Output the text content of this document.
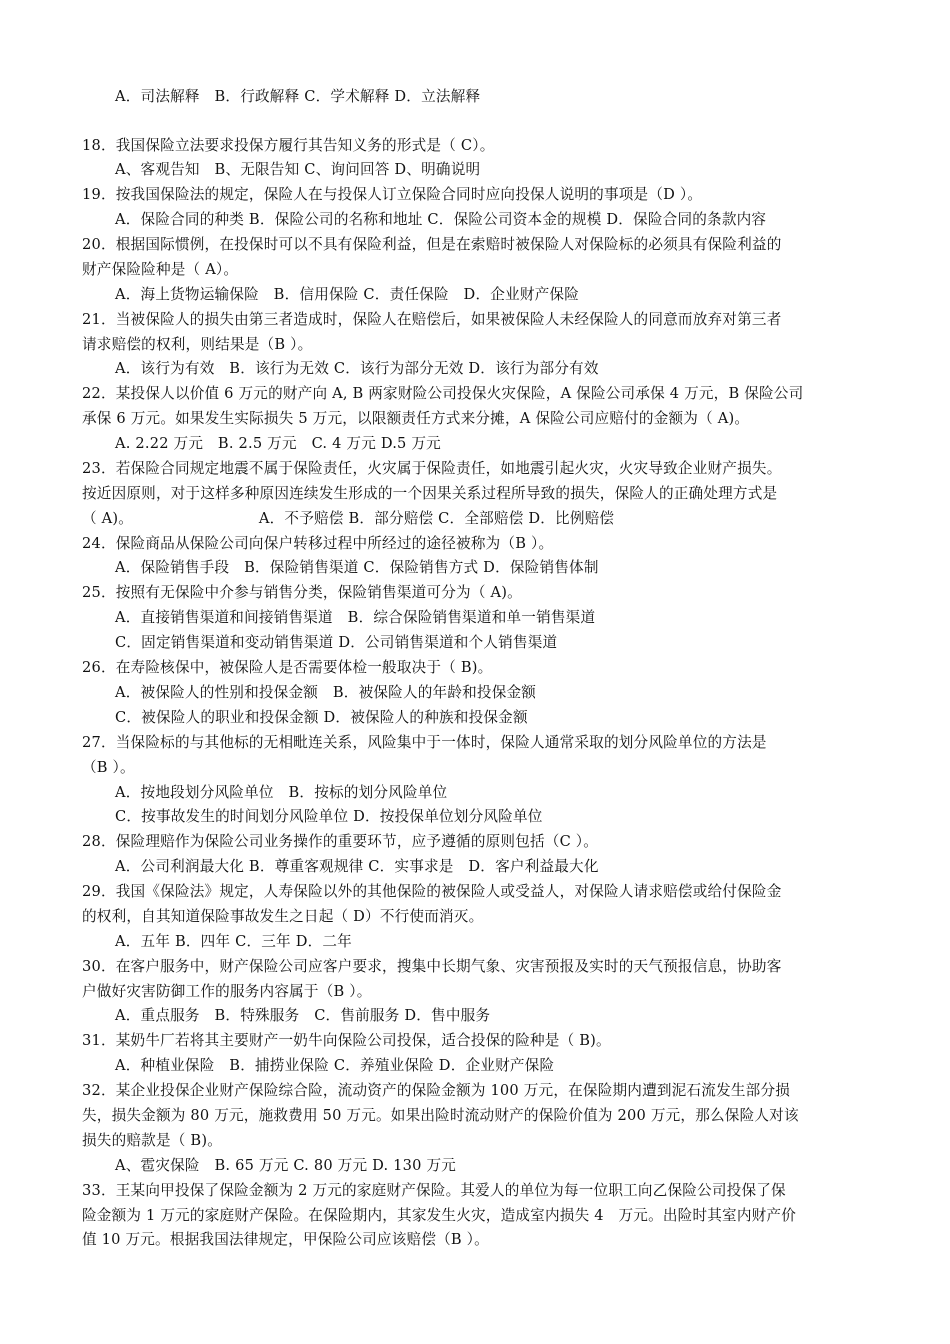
A．司法解释　B．行政解释 C．学术解释 D．立法解释
18．我国保险立法要求投保方履行其告知义务的形式是（ C）。
A、客观告知　B、无限告知 C、询问回答 D、明确说明
19．按我国保险法的规定，保险人在与投保人订立保险合同时应向投保人说明的事项是（D ）。
A．保险合同的种类 B．保险公司的名称和地址 C．保险公司资本金的规模 D．保险合同的条款内容
20．根据国际惯例，在投保时可以不具有保险利益，但是在索赔时被保险人对保险标的必须具有保险利益的
财产保险险种是（ A）。
A．海上货物运输保险　B．信用保险 C．责任保险　D．企业财产保险
21．当被保险人的损失由第三者造成时，保险人在赔偿后，如果被保险人未经保险人的同意而放弃对第三者
请求赔偿的权利，则结果是（B ）。
A．该行为有效　B．该行为无效 C．该行为部分无效 D．该行为部分有效
22．某投保人以价值 6 万元的财产向 A, B 两家财险公司投保火灾保险，A 保险公司承保 4 万元，B 保险公司
承保 6 万元。如果发生实际损失 5 万元，以限额责任方式来分摊，A 保险公司应赔付的金额为（ A)。
A. 2.22 万元　B. 2.5 万元　C. 4 万元 D.5 万元
23．若保险合同规定地震不属于保险责任，火灾属于保险责任，如地震引起火灾，火灾导致企业财产损失。
按近因原则，对于这样多种原因连续发生形成的一个因果关系过程所导致的损失，保险人的正确处理方式是
（ A)。　　　　　　　　　A．不予赔偿 B．部分赔偿 C．全部赔偿 D．比例赔偿
24．保险商品从保险公司向保户转移过程中所经过的途径被称为（B ）。
A．保险销售手段　B．保险销售渠道 C．保险销售方式 D．保险销售体制
25．按照有无保险中介参与销售分类，保险销售渠道可分为（ A)。
A．直接销售渠道和间接销售渠道　B．综合保险销售渠道和单一销售渠道
C．固定销售渠道和变动销售渠道 D．公司销售渠道和个人销售渠道
26．在寿险核保中，被保险人是否需要体检一般取决于（ B)。
A．被保险人的性别和投保金额　B．被保险人的年龄和投保金额
C．被保险人的职业和投保金额 D．被保险人的种族和投保金额
27．当保险标的与其他标的无相毗连关系，风险集中于一体时，保险人通常采取的划分风险单位的方法是
（B ）。
A．按地段划分风险单位　B．按标的划分风险单位
C．按事故发生的时间划分风险单位 D．按投保单位划分风险单位
28．保险理赔作为保险公司业务操作的重要环节，应予遵循的原则包括（C ）。
A．公司利润最大化 B．尊重客观规律 C．实事求是　D．客户利益最大化
29．我国《保险法》规定，人寿保险以外的其他保险的被保险人或受益人，对保险人请求赔偿或给付保险金
的权利，自其知道保险事故发生之日起（ D）不行使而消灭。
A．五年 B．四年 C．三年 D．二年
30．在客户服务中，财产保险公司应客户要求，搜集中长期气象、灾害预报及实时的天气预报信息，协助客
户做好灾害防御工作的服务内容属于（B ）。
A．重点服务　B．特殊服务　C．售前服务 D．售中服务
31．某奶牛厂若将其主要财产一奶牛向保险公司投保，适合投保的险种是（ B)。
A．种植业保险　B．捕捞业保险 C．养殖业保险 D．企业财产保险
32．某企业投保企业财产保险综合险，流动资产的保险金额为 100 万元，在保险期内遭到泥石流发生部分损
失，损失金额为 80 万元，施救费用 50 万元。如果出险时流动财产的保险价值为 200 万元，那么保险人对该
损失的赔款是（ B)。
A、雹灾保险　B. 65 万元 C. 80 万元 D. 130 万元
33．王某向甲投保了保险金额为 2 万元的家庭财产保险。其爱人的单位为每一位职工向乙保险公司投保了保
险金额为 1 万元的家庭财产保险。在保险期内，其家发生火灾，造成室内损失 4　万元。出险时其室内财产价
值 10 万元。根据我国法律规定，甲保险公司应该赔偿（B ）。
